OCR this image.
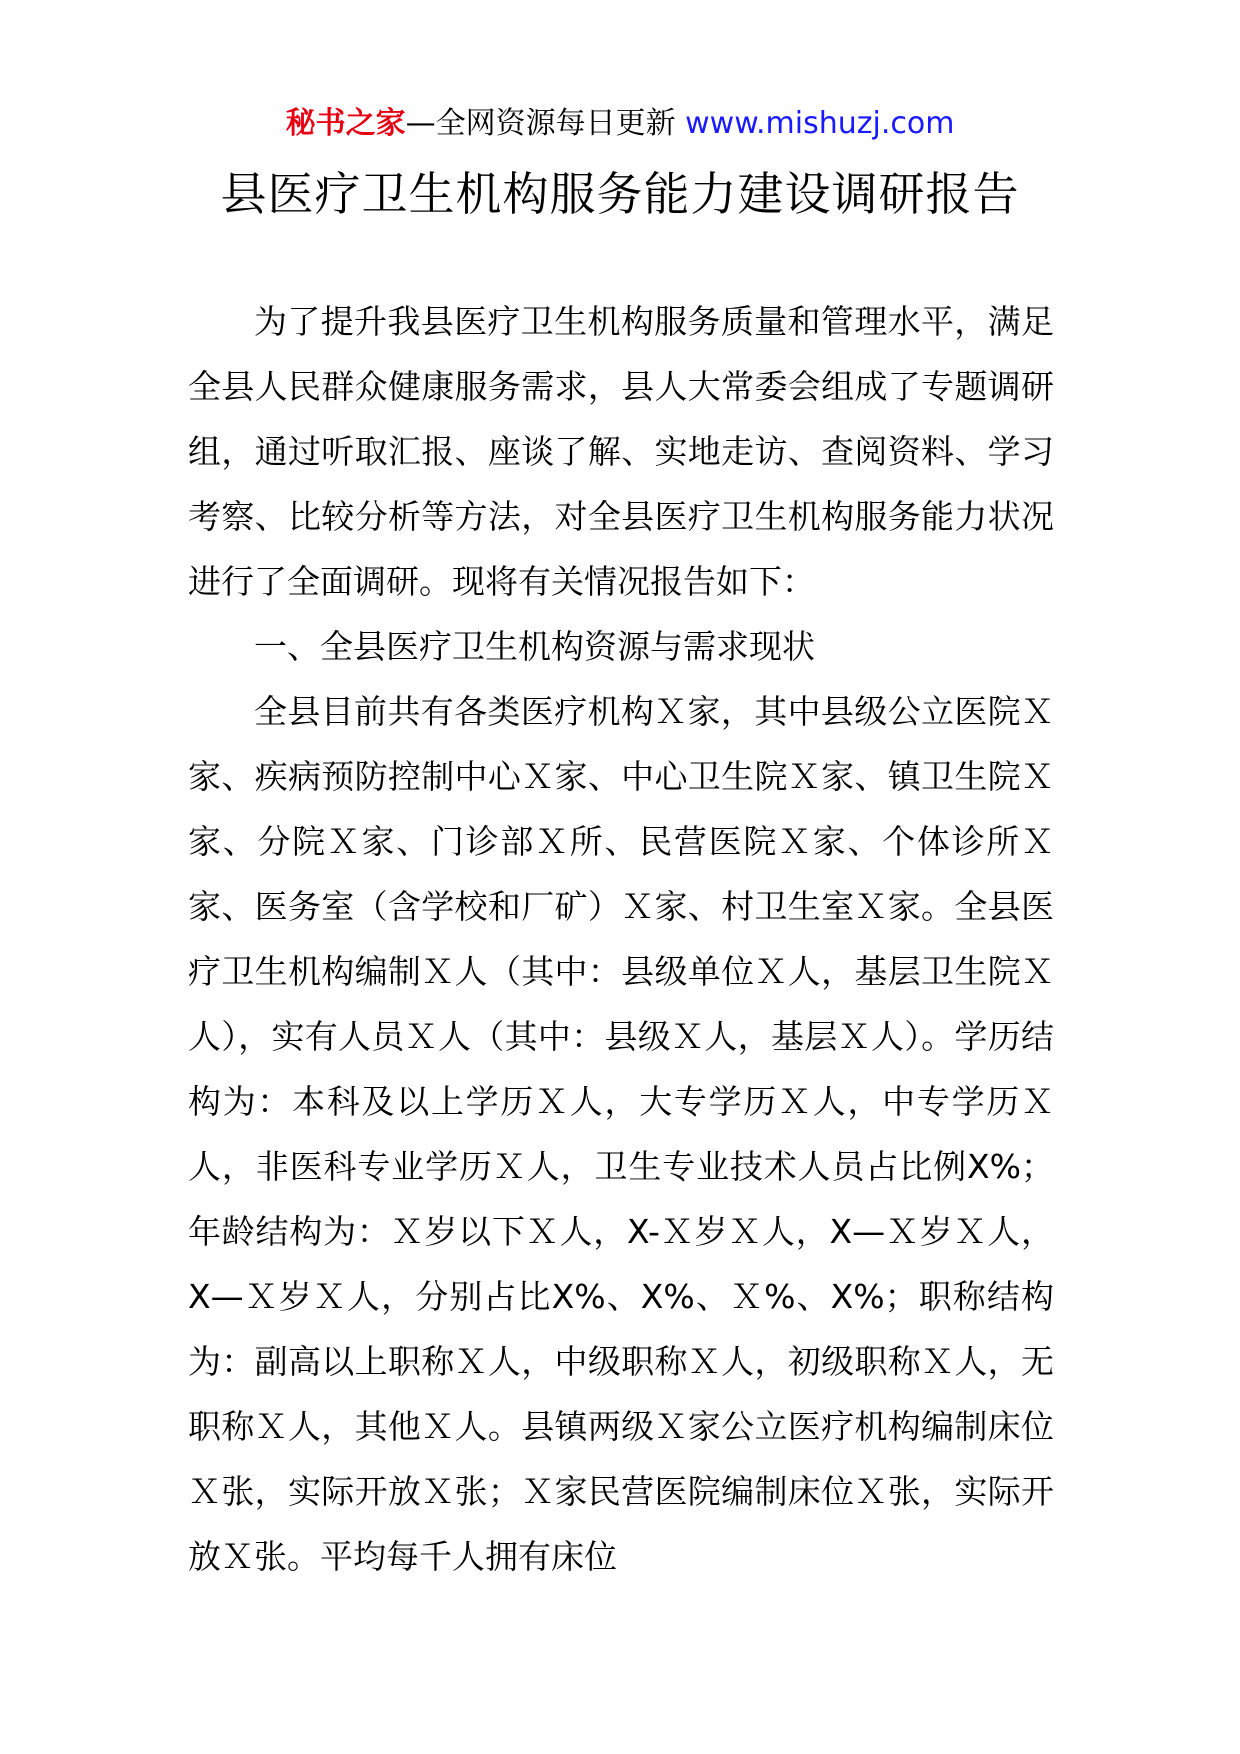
秘书之家—全网资源每日更新 www.mishuzj.com
县医疗卫生机构服务能力建设调研报告

为了提升我县医疗卫生机构服务质量和管理水平，满足全县人民群众健康服务需求，县人大常委会组成了专题调研组，通过听取汇报、座谈了解、实地走访、查阅资料、学习考察、比较分析等方法，对全县医疗卫生机构服务能力状况进行了全面调研。现将有关情况报告如下：

一、全县医疗卫生机构资源与需求现状

全县目前共有各类医疗机构Ｘ家，其中县级公立医院Ｘ家、疾病预防控制中心Ｘ家、中心卫生院Ｘ家、镇卫生院Ｘ家、分院Ｘ家、门诊部Ｘ所、民营医院Ｘ家、个体诊所Ｘ家、医务室（含学校和厂矿）Ｘ家、村卫生室Ｘ家。全县医疗卫生机构编制Ｘ人（其中：县级单位Ｘ人，基层卫生院Ｘ人），实有人员Ｘ人（其中：县级Ｘ人，基层Ｘ人）。学历结构为：本科及以上学历Ｘ人，大专学历Ｘ人，中专学历Ｘ人，非医科专业学历Ｘ人，卫生专业技术人员占比例X%；年龄结构为：Ｘ岁以下Ｘ人，X-Ｘ岁Ｘ人，X—Ｘ岁Ｘ人，X—Ｘ岁Ｘ人，分别占比X%、X%、Ｘ%、X%；职称结构为：副高以上职称Ｘ人，中级职称Ｘ人，初级职称Ｘ人，无职称Ｘ人，其他Ｘ人。县镇两级Ｘ家公立医疗机构编制床位Ｘ张，实际开放Ｘ张；Ｘ家民营医院编制床位Ｘ张，实际开放Ｘ张。平均每千人拥有床位
